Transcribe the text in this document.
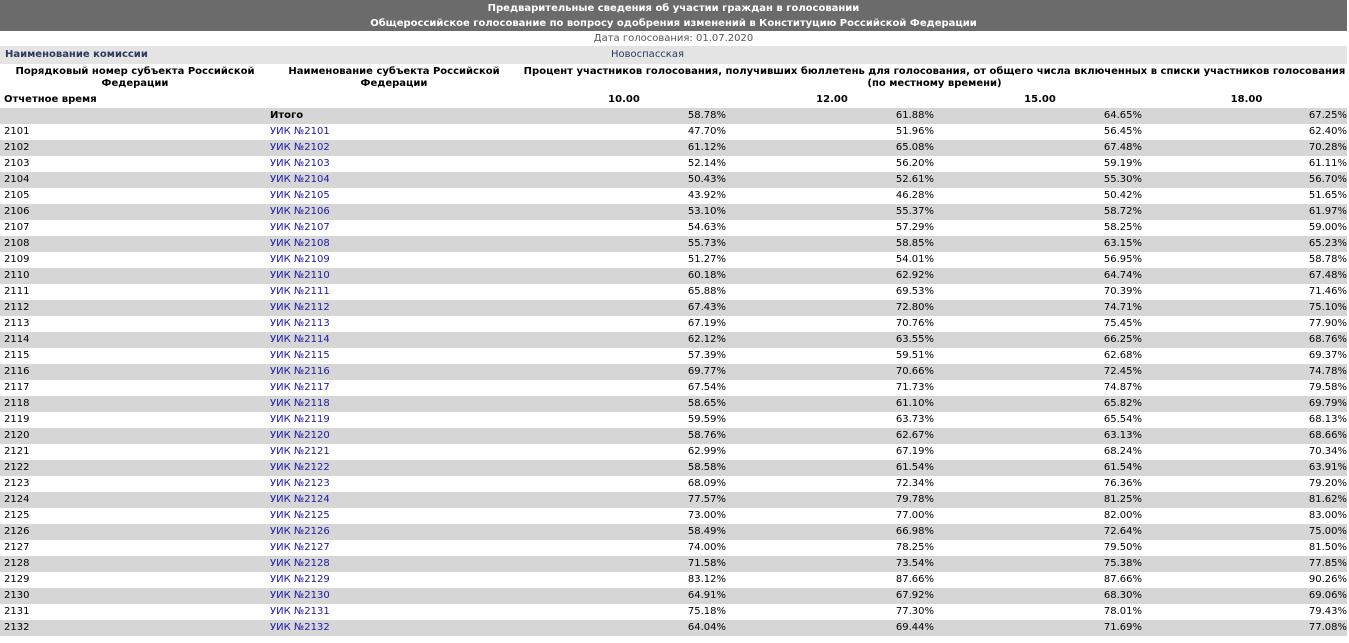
Предварительные сведения об участии граждан в голосовании
Общероссийское голосование по вопросу одобрения изменений в Конституцию Российской Федерации
Дата голосования: 01.07.2020
Наименование комиссии	Новоспасская
Порядковый номер субъекта Российской Федерации	Наименование субъекта Российской Федерации	Процент участников голосования, получивших бюллетень для голосования, от общего числа включенных в списки участников голосования (по местному времени)			
Отчетное время		10.00	12.00	15.00	18.00
	Итого	58.78%	61.88%	64.65%	67.25%
2101	УИК №2101	47.70%	51.96%	56.45%	62.40%
2102	УИК №2102	61.12%	65.08%	67.48%	70.28%
2103	УИК №2103	52.14%	56.20%	59.19%	61.11%
2104	УИК №2104	50.43%	52.61%	55.30%	56.70%
2105	УИК №2105	43.92%	46.28%	50.42%	51.65%
2106	УИК №2106	53.10%	55.37%	58.72%	61.97%
2107	УИК №2107	54.63%	57.29%	58.25%	59.00%
2108	УИК №2108	55.73%	58.85%	63.15%	65.23%
2109	УИК №2109	51.27%	54.01%	56.95%	58.78%
2110	УИК №2110	60.18%	62.92%	64.74%	67.48%
2111	УИК №2111	65.88%	69.53%	70.39%	71.46%
2112	УИК №2112	67.43%	72.80%	74.71%	75.10%
2113	УИК №2113	67.19%	70.76%	75.45%	77.90%
2114	УИК №2114	62.12%	63.55%	66.25%	68.76%
2115	УИК №2115	57.39%	59.51%	62.68%	69.37%
2116	УИК №2116	69.77%	70.66%	72.45%	74.78%
2117	УИК №2117	67.54%	71.73%	74.87%	79.58%
2118	УИК №2118	58.65%	61.10%	65.82%	69.79%
2119	УИК №2119	59.59%	63.73%	65.54%	68.13%
2120	УИК №2120	58.76%	62.67%	63.13%	68.66%
2121	УИК №2121	62.99%	67.19%	68.24%	70.34%
2122	УИК №2122	58.58%	61.54%	61.54%	63.91%
2123	УИК №2123	68.09%	72.34%	76.36%	79.20%
2124	УИК №2124	77.57%	79.78%	81.25%	81.62%
2125	УИК №2125	73.00%	77.00%	82.00%	83.00%
2126	УИК №2126	58.49%	66.98%	72.64%	75.00%
2127	УИК №2127	74.00%	78.25%	79.50%	81.50%
2128	УИК №2128	71.58%	73.54%	75.38%	77.85%
2129	УИК №2129	83.12%	87.66%	87.66%	90.26%
2130	УИК №2130	64.91%	67.92%	68.30%	69.06%
2131	УИК №2131	75.18%	77.30%	78.01%	79.43%
2132	УИК №2132	64.04%	69.44%	71.69%	77.08%
